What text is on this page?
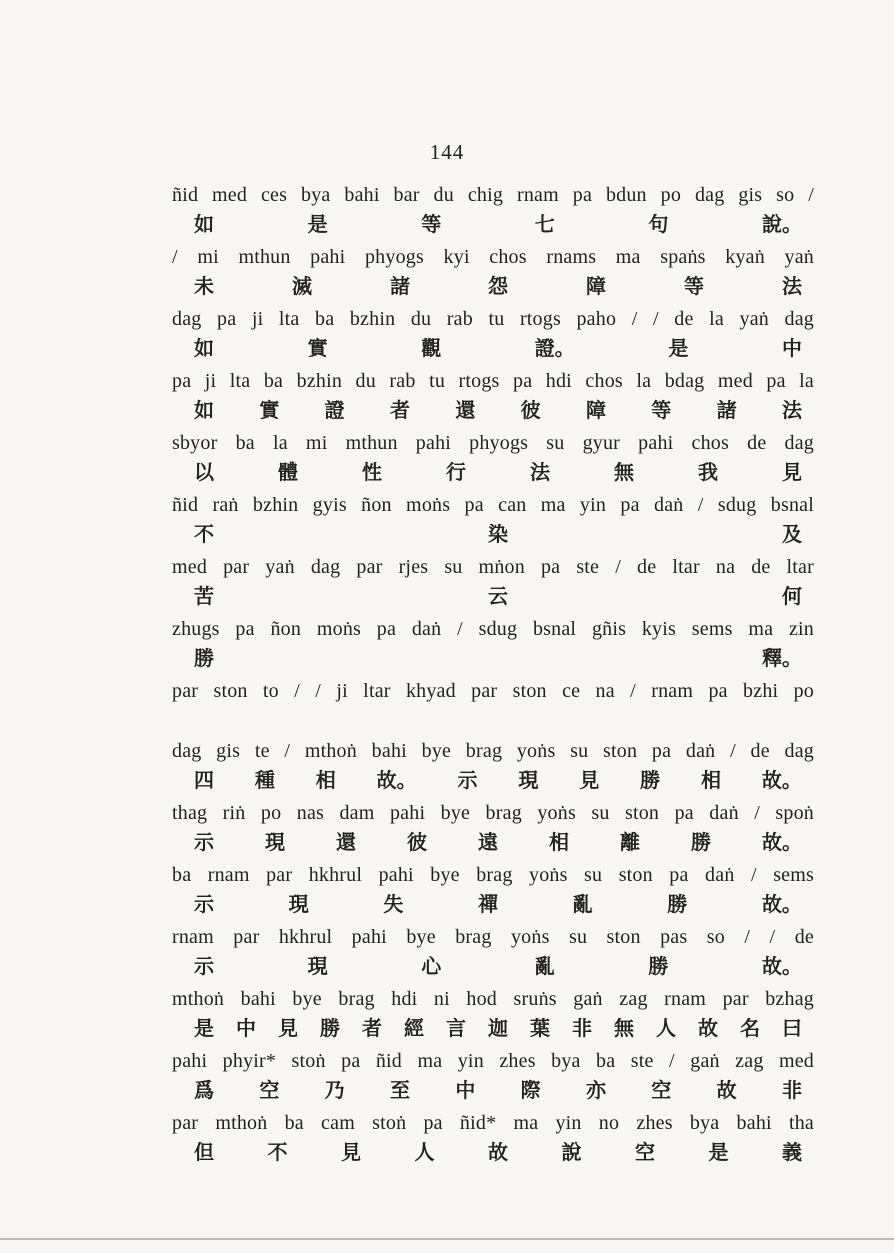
144
ñid med ces bya bahi bar du chig rnam pa bdun po dag gis so /
如	是	等	七	句	說。
/ mi mthun pahi phyogs kyi chos rnams ma spaṅs kyaṅ yaṅ
未	滅	諸	怨	障	等	法
dag pa ji lta ba bzhin du rab tu rtogs paho / / de la yaṅ dag
如	實	觀	證。	是	中
pa ji lta ba bzhin du rab tu rtogs pa hdi chos la bdag med pa la
如 實 證 者 還 彼 障 等 諸 法
sbyor ba la mi mthun pahi phyogs su gyur pahi chos de dag
以	體	性	行	法	無	我	見
ñid raṅ bzhin gyis ñon moṅs pa can ma yin pa daṅ / sdug bsnal
不	染	及
med par yaṅ dag par rjes su mṅon pa ste / de ltar na de ltar
苦	云	何
zhugs pa ñon moṅs pa daṅ / sdug bsnal gñis kyis sems ma zin
勝	釋。
par ston to / / ji ltar khyad par ston ce na / rnam pa bzhi po
dag gis te / mthoṅ bahi bye brag yoṅs su ston pa daṅ / de dag
四 種 相 故。 示 現 見 勝 相 故。
thag riṅ po nas dam pahi bye brag yoṅs su ston pa daṅ / spoṅ
示	現	還	彼	遠	相	離	勝	故。
ba rnam par hkhrul pahi bye brag yoṅs su ston pa daṅ / sems
示	現	失	禪	亂	勝	故。
rnam par hkhrul pahi bye brag yoṅs su ston pas so / / de
示	現	心	亂	勝	故。
mthoṅ bahi bye brag hdi ni hod sruṅs gaṅ zag rnam par bzhag
是 中 見 勝 者 經 言 迦 葉 非 無 人 故 名 曰
pahi phyir* stoṅ pa ñid ma yin zhes bya ba ste / gaṅ zag med
爲 空 乃 至 中 際 亦 空 故 非
par mthoṅ ba cam stoṅ pa ñid* ma yin no zhes bya bahi tha
但	不	見	人	故	說	空	是	義
